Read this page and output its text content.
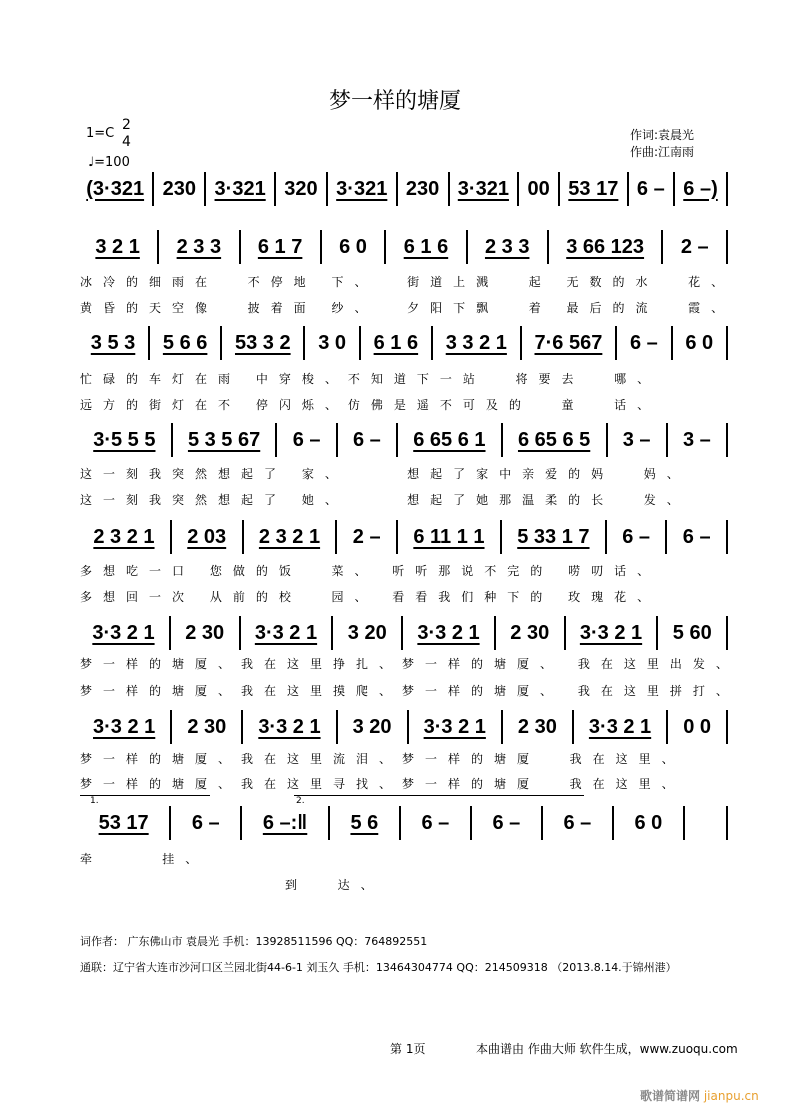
梦一样的塘厦
1=C
2
4
♩=100
作词:袁晨光
作曲:江南雨
(3·321 230 3·321 320 3·321 230 3·321 00 53 17 6 – 6 –)
3 2 1	2 3 3	6 1 7	6 0	6 1 6	2 3 3	3 66 123	2 –
3 5 3	5 6 6	53 3 2	3 0	6 1 6	3 3 2 1	7·6 567	6 –	6 0
3·5 5 5	5 3 5 67	6 –	6 –	6 65 6 1	6 65 6 5	3 –	3 –
2 3 2 1	2 03	2 3 2 1	2 –	6 11 1 1	5 33 1 7	6 –	6 –
3·3 2 1	2 30	3·3 2 1	3 20	3·3 2 1	2 30	3·3 2 1	5 60
3·3 2 1	2 30	3·3 2 1	3 20	3·3 2 1	2 30	3·3 2 1	0 0
53 17	6 –	6 –:‖	5 6	6 –	6 –	6 –	6 0
冰冷的细雨在  不停地 下、  街道上溅  起 无数的水  花、
黄昏的天空像  披着面 纱、  夕阳下飘  着 最后的流  霞、
忙碌的车灯在雨 中穿梭、不知道下一站  将要去  哪、
远方的街灯在不 停闪烁、仿佛是遥不可及的  童  话、
这一刻我突然想起了 家、    想起了家中亲爱的妈  妈、
这一刻我突然想起了 她、    想起了她那温柔的长  发、
多想吃一口 您做的饭  菜、 听听那说不完的 唠叨话、
多想回一次 从前的校  园、 看看我们种下的 玫瑰花、
梦一样的塘厦、我在这里挣扎、梦一样的塘厦、 我在这里出发、
梦一样的塘厦、我在这里摸爬、梦一样的塘厦、 我在这里拼打、
梦一样的塘厦、我在这里流泪、梦一样的塘厦  我在这里、
梦一样的塘厦、我在这里寻找、梦一样的塘厦  我在这里、
牵    挂、
到  达、
1.	2.
词作者： 广东佛山市 袁晨光 手机：13928511596 QQ：764892551
通联：辽宁省大连市沙河口区兰园北街44-6-1 刘玉久 手机：13464304774 QQ：214509318 （2013.8.14.于锦州港）
第 1页	本曲谱由 作曲大师 软件生成，www.zuoqu.com
歌谱简谱网 jianpu.cn
